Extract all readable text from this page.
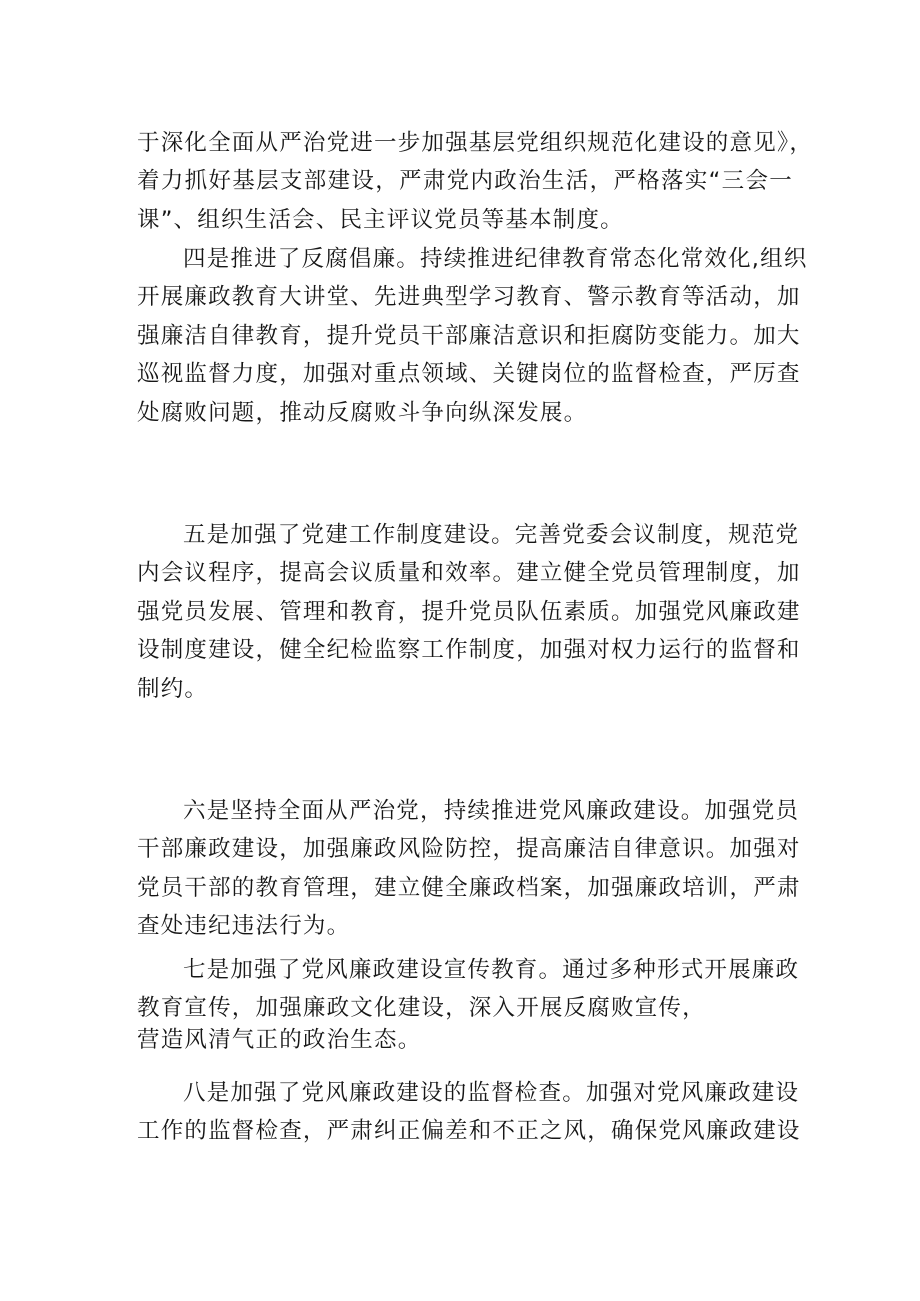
于深化全面从严治党进一步加强基层党组织规范化建设的意见》，
着力抓好基层支部建设，严肃党内政治生活，严格落实“三会一
课”、组织生活会、民主评议党员等基本制度。
四是推进了反腐倡廉。持续推进纪律教育常态化常效化,组织
开展廉政教育大讲堂、先进典型学习教育、警示教育等活动，加
强廉洁自律教育，提升党员干部廉洁意识和拒腐防变能力。加大
巡视监督力度，加强对重点领域、关键岗位的监督检查，严厉查
处腐败问题，推动反腐败斗争向纵深发展。
五是加强了党建工作制度建设。完善党委会议制度，规范党
内会议程序，提高会议质量和效率。建立健全党员管理制度，加
强党员发展、管理和教育，提升党员队伍素质。加强党风廉政建
设制度建设，健全纪检监察工作制度，加强对权力运行的监督和
制约。
六是坚持全面从严治党，持续推进党风廉政建设。加强党员
干部廉政建设，加强廉政风险防控，提高廉洁自律意识。加强对
党员干部的教育管理，建立健全廉政档案，加强廉政培训，严肃
查处违纪违法行为。
七是加强了党风廉政建设宣传教育。通过多种形式开展廉政
教育宣传，加强廉政文化建设，深入开展反腐败宣传，
营造风清气正的政治生态。
八是加强了党风廉政建设的监督检查。加强对党风廉政建设
工作的监督检查，严肃纠正偏差和不正之风，确保党风廉政建设
